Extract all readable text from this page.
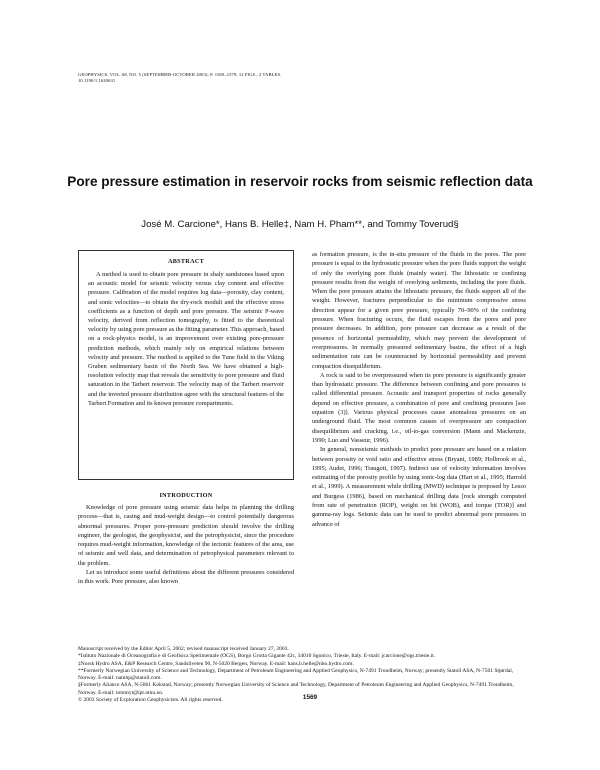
GEOPHYSICS, VOL. 68, NO. 5 (SEPTEMBER-OCTOBER 2003); P. 1569–1579, 12 FIGS., 2 TABLES.
10.1190/1.1620631
Pore pressure estimation in reservoir rocks from seismic reflection data
José M. Carcione*, Hans B. Helle‡, Nam H. Pham**, and Tommy Toverud§
ABSTRACT
A method is used to obtain pore pressure in shaly sandstones based upon an acoustic model for seismic velocity versus clay content and effective pressure. Calibration of the model requires log data—porosity, clay content, and sonic velocities—to obtain the dry-rock moduli and the effective stress coefficients as a function of depth and pore pressure. The seismic P-wave velocity, derived from reflection tomography, is fitted to the theoretical velocity by using pore pressure as the fitting parameter. This approach, based on a rock-physics model, is an improvement over existing pore-pressure prediction methods, which mainly rely on empirical relations between velocity and pressure. The method is applied to the Tune field in the Viking Graben sedimentary basin of the North Sea. We have obtained a high-resolution velocity map that reveals the sensitivity to pore pressure and fluid saturation in the Tarbert reservoir. The velocity map of the Tarbert reservoir and the inverted pressure distribution agree with the structural features of the Tarbert Formation and its known pressure compartments.
INTRODUCTION

Knowledge of pore pressure using seismic data helps in planning the drilling process—that is, casing and mud-weight design—to control potentially dangerous abnormal pressures. Proper pore-pressure prediction should involve the drilling engineer, the geologist, the geophysicist, and the petrophysicist, since the procedure requires mud-weight information, knowledge of the tectonic features of the area, use of seismic and well data, and determination of petrophysical parameters relevant to the problem.

Let us introduce some useful definitions about the different pressures considered in this work. Pore pressure, also known

as formation pressure, is the in-situ pressure of the fluids in the pores. The pore pressure is equal to the hydrostatic pressure when the pore fluids support the weight of only the overlying pore fluids (mainly water). The lithostatic or confining pressure results from the weight of overlying sediments, including the pore fluids. When the pore pressure attains the lithostatic pressure, the fluids support all of the weight. However, fractures perpendicular to the minimum compressive stress direction appear for a given pore pressure, typically 70–90% of the confining pressure. When fracturing occurs, the fluid escapes from the pores and pore pressure decreases. In addition, pore pressure can decrease as a result of the presence of horizontal permeability, which may prevent the development of overpressures. In normally pressured sedimentary basins, the effect of a high sedimentation rate can be counteracted by horizontal permeability and prevent compaction disequilibrium.

A rock is said to be overpressured when its pore pressure is significantly greater than hydrostatic pressure. The difference between confining and pore pressures is called differential pressure. Acoustic and transport properties of rocks generally depend on effective pressure, a combination of pore and confining pressures [see equation (3)]. Various physical processes cause anomalous pressures on an underground fluid. The most common causes of overpressure are compaction disequilibrium and cracking, i.e., oil-to-gas conversion (Mann and Mackenzie, 1990; Luo and Vasseur, 1996).

In general, nonseismic methods to predict pore pressure are based on a relation between porosity or void ratio and effective stress (Bryant, 1989; Holbrook et al., 1995; Audet, 1996; Traugott, 1997). Indirect use of velocity information involves estimating of the porosity profile by using sonic-log data (Hart et al., 1995; Harrold et al., 1999). A measurement while drilling (MWD) technique is proposed by Lesso and Burgess (1986), based on mechanical drilling data [rock strength computed from rate of penetration (ROP), weight on bit (WOB), and torque (TOR)] and gamma-ray logs. Seismic data can be used to predict abnormal pore pressures in advance of

Manuscript received by the Editor April 5, 2002; revised manuscript received January 27, 2003.
*Istituto Nazionale di Oceanografia e di Geofisica Sperimentale (OGS), Borgo Grotta Gigante 42c, 34010 Sgonico, Trieste, Italy. E-mail: jcarcione@ogs.trieste.it.
‡Norsk Hydro ASA, E&P Research Centre, Sandsliveien 90, N-5020 Bergen, Norway. E-mail: hans.b.helle@nho.hydro.com.
**Formerly Norwegian University of Science and Technology, Department of Petroleum Engineering and Applied Geophysics, N-7491 Trondheim, Norway; presently Statoil ASA, N-7501 Stjørdal, Norway. E-mail: namhp@statoil.com.
§Formerly Aliance ASA, N-5061 Kokstad, Norway; presently Norwegian University of Science and Technology, Department of Petroleum Engineering and Applied Geophysics, N-7491 Trondheim, Norway. E-mail: tommyt@ipt.ntnu.no.
© 2003 Society of Exploration Geophysicists. All rights reserved.	1569
